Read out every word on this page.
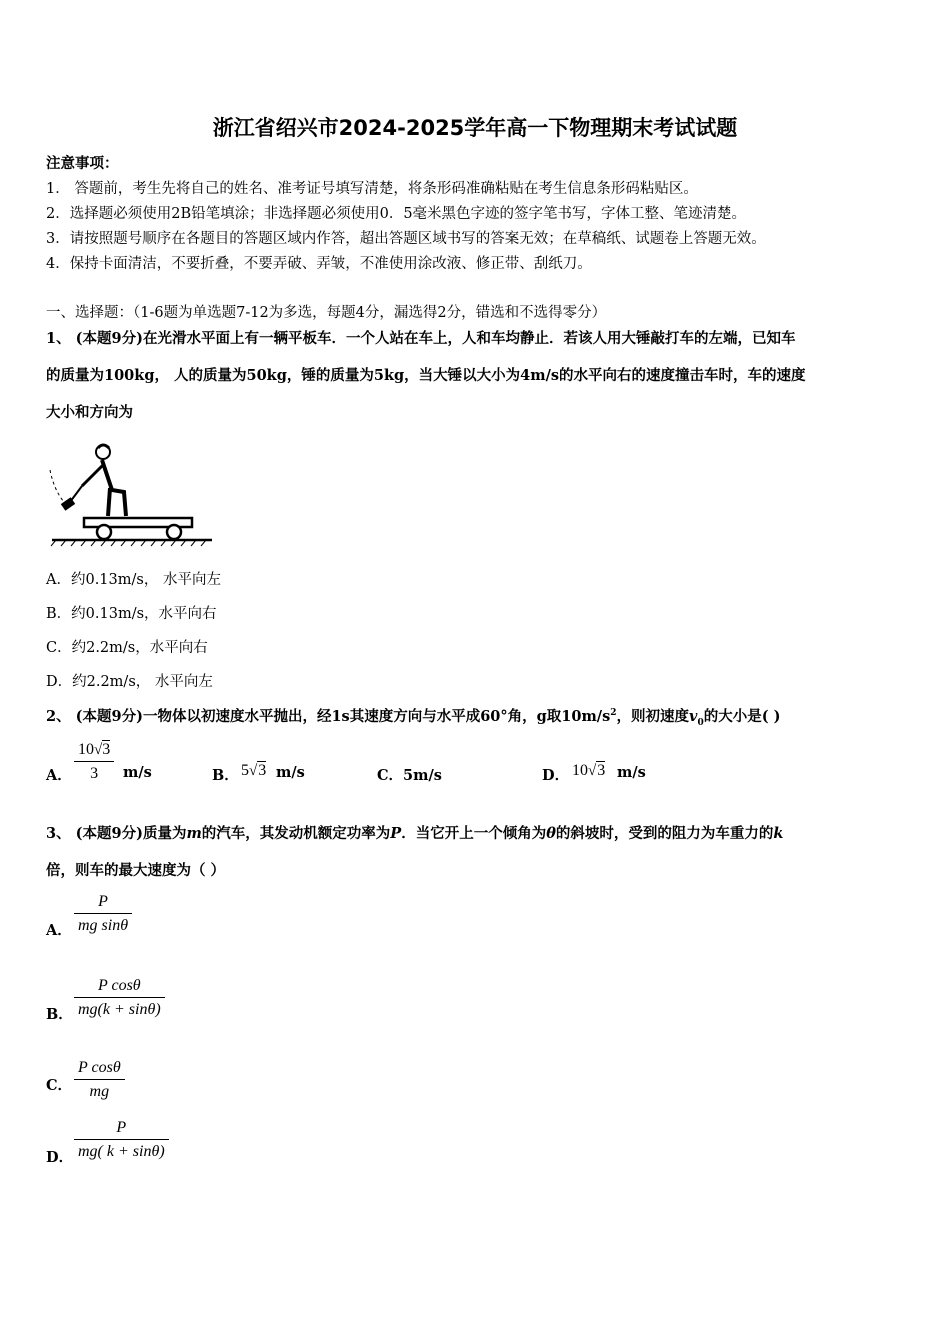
浙江省绍兴市2024-2025学年高一下物理期末考试试题
注意事项：
1． 答题前，考生先将自己的姓名、准考证号填写清楚，将条形码准确粘贴在考生信息条形码粘贴区。
2．选择题必须使用2B铅笔填涂；非选择题必须使用0．5毫米黑色字迹的签字笔书写，字体工整、笔迹清楚。
3．请按照题号顺序在各题目的答题区域内作答，超出答题区域书写的答案无效；在草稿纸、试题卷上答题无效。
4．保持卡面清洁，不要折叠，不要弄破、弄皱，不准使用涂改液、修正带、刮纸刀。
一、选择题：（1-6题为单选题7-12为多选，每题4分，漏选得2分，错选和不选得零分）
1、 (本题9分)在光滑水平面上有一辆平板车．一个人站在车上，人和车均静止．若该人用大锤敲打车的左端，已知车
的质量为100kg， 人的质量为50kg，锤的质量为5kg，当大锤以大小为4m/s的水平向右的速度撞击车时，车的速度
大小和方向为
A．约0.13m/s， 水平向左
B．约0.13m/s，水平向右
C．约2.2m/s，水平向右
D．约2.2m/s， 水平向左
2、 (本题9分)一物体以初速度水平抛出，经1s其速度方向与水平成60°角，g取$10m/s^2$，则初速度$v_0$的大小是( )
A． $\frac{10√3}{3} m/s$	B． 5√3 m/s	C．5m/s	D． 10√3 m/s
3、 (本题9分)质量为m的汽车，其发动机额定功率为P．当它开上一个倾角为θ的斜坡时，受到的阻力为车重力的k
倍，则车的最大速度为（ ）
A． $\frac{P}{\text{mg sinθ}}$
B． $\frac{\text{P cosθ}}{mg(k + \sin\theta)}$
C． $\frac{\text{P cosθ}}{mg}$
D． $\frac{P}{mg( k + \sin\theta)}$
